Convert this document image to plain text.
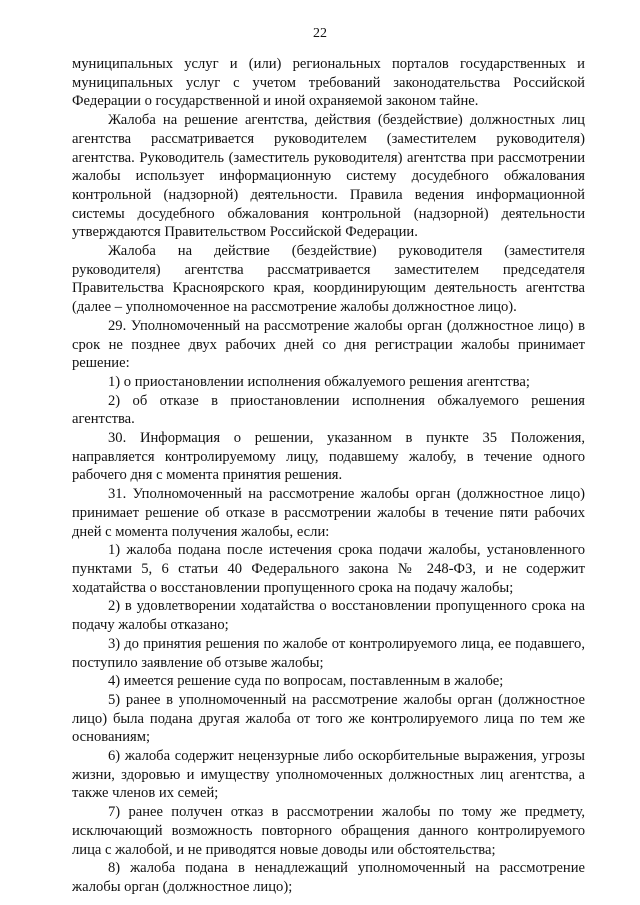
22

муниципальных услуг и (или) региональных порталов государственных и муниципальных услуг с учетом требований законодательства Российской Федерации о государственной и иной охраняемой законом тайне.

Жалоба на решение агентства, действия (бездействие) должностных лиц агентства рассматривается руководителем (заместителем руководителя) агентства. Руководитель (заместитель руководителя) агентства при рассмотрении жалобы использует информационную систему досудебного обжалования контрольной (надзорной) деятельности. Правила ведения информационной системы досудебного обжалования контрольной (надзорной) деятельности утверждаются Правительством Российской Федерации.

Жалоба на действие (бездействие) руководителя (заместителя руководителя) агентства рассматривается заместителем председателя Правительства Красноярского края, координирующим деятельность агентства (далее – уполномоченное на рассмотрение жалобы должностное лицо).

29. Уполномоченный на рассмотрение жалобы орган (должностное лицо) в срок не позднее двух рабочих дней со дня регистрации жалобы принимает решение:

1) о приостановлении исполнения обжалуемого решения агентства;

2) об отказе в приостановлении исполнения обжалуемого решения агентства.

30. Информация о решении, указанном в пункте 35 Положения, направляется контролируемому лицу, подавшему жалобу, в течение одного рабочего дня с момента принятия решения.

31. Уполномоченный на рассмотрение жалобы орган (должностное лицо) принимает решение об отказе в рассмотрении жалобы в течение пяти рабочих дней с момента получения жалобы, если:

1) жалоба подана после истечения срока подачи жалобы, установленного пунктами 5, 6 статьи 40 Федерального закона № 248-ФЗ, и не содержит ходатайства о восстановлении пропущенного срока на подачу жалобы;

2) в удовлетворении ходатайства о восстановлении пропущенного срока на подачу жалобы отказано;

3) до принятия решения по жалобе от контролируемого лица, ее подавшего, поступило заявление об отзыве жалобы;

4) имеется решение суда по вопросам, поставленным в жалобе;

5) ранее в уполномоченный на рассмотрение жалобы орган (должностное лицо) была подана другая жалоба от того же контролируемого лица по тем же основаниям;

6) жалоба содержит нецензурные либо оскорбительные выражения, угрозы жизни, здоровью и имуществу уполномоченных должностных лиц агентства, а также членов их семей;

7) ранее получен отказ в рассмотрении жалобы по тому же предмету, исключающий возможность повторного обращения данного контролируемого лица с жалобой, и не приводятся новые доводы или обстоятельства;

8) жалоба подана в ненадлежащий уполномоченный на рассмотрение жалобы орган (должностное лицо);
